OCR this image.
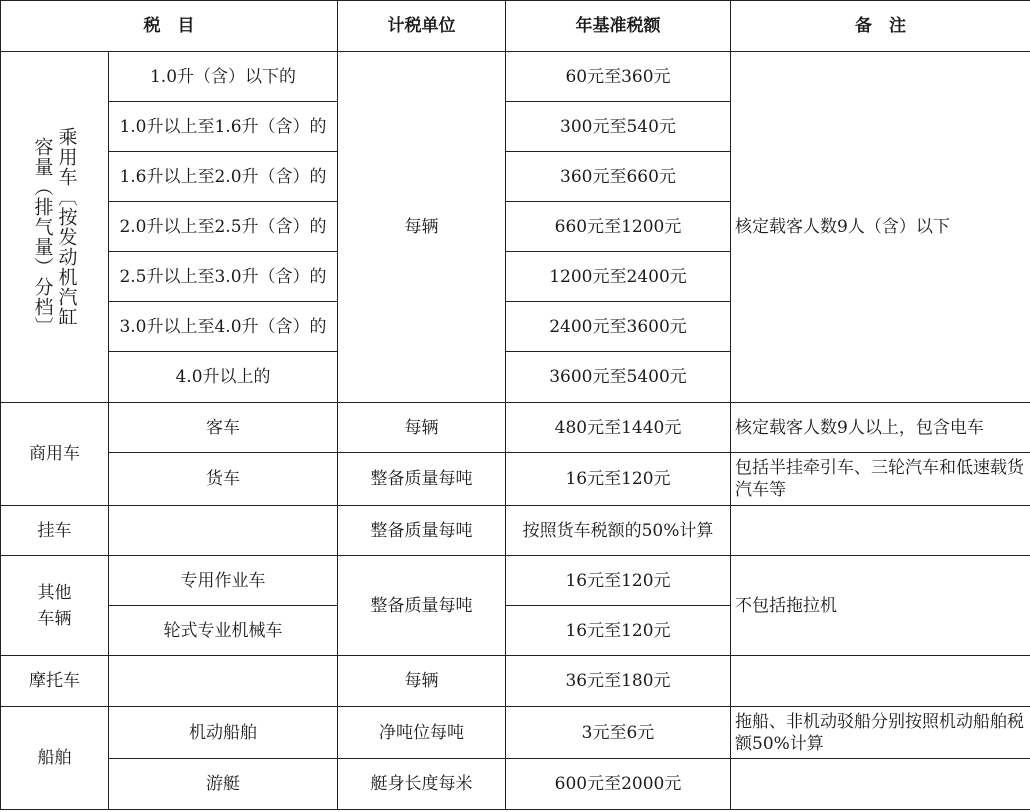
税　目		计税单位	年基准税额	备　注

乘用车〔按发动机汽缸
容量（排气量）分档〕	1.0升（含）以下的	每辆	60元至360元	核定载客人数9人（含）以下
	1.0升以上至1.6升（含）的		300元至540元	
	1.6升以上至2.0升（含）的		360元至660元	
	2.0升以上至2.5升（含）的		660元至1200元	
	2.5升以上至3.0升（含）的		1200元至2400元	
	3.0升以上至4.0升（含）的		2400元至3600元	
	4.0升以上的		3600元至5400元	
商用车	客车	每辆	480元至1440元	核定载客人数9人以上，包含电车
	货车	整备质量每吨	16元至120元	包括半挂牵引车、三轮汽车和低速载货汽车等
挂车		整备质量每吨	按照货车税额的50%计算	
其他车辆	专用作业车	整备质量每吨	16元至120元	不包括拖拉机
	轮式专业机械车		16元至120元	
摩托车		每辆	36元至180元	
船舶	机动船舶	净吨位每吨	3元至6元	拖船、非机动驳船分别按照机动船舶税额50%计算
	游艇	艇身长度每米	600元至2000元	
